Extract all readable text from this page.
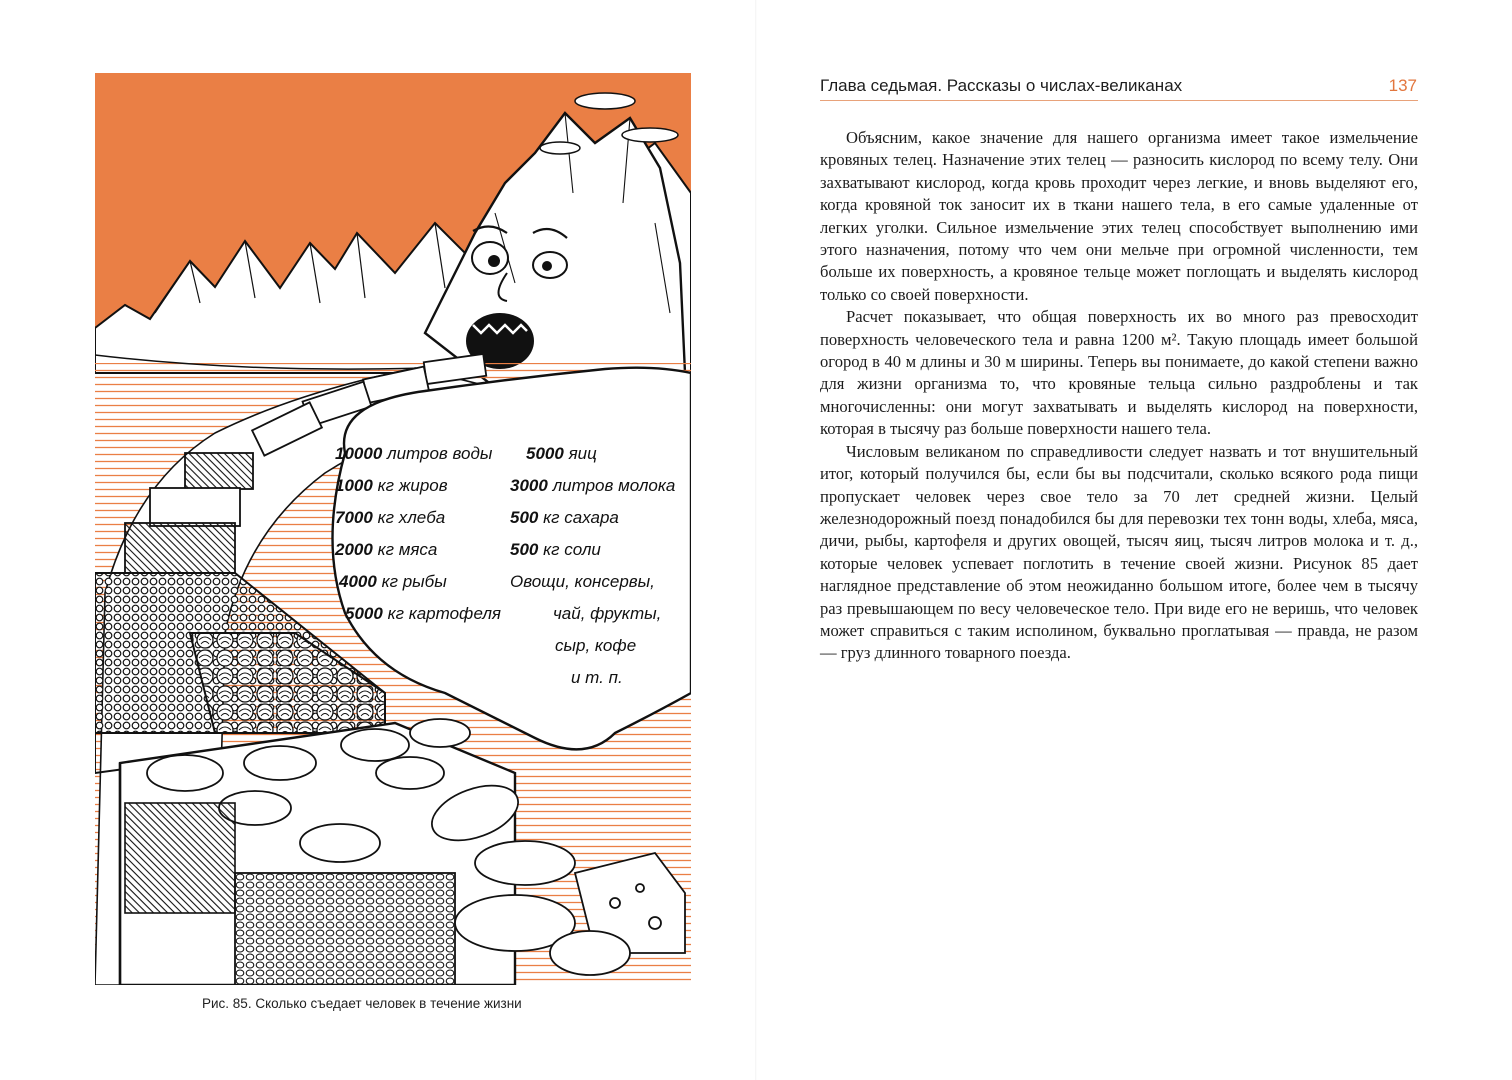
10000 литров воды 5000 яиц
1000 кг жиров	3000 литров молока
7000 кг хлеба	500 кг сахара
2000 кг мяса	500 кг соли
4000 кг рыбы	Овощи, консервы,
5000 кг картофеля	чай, фрукты,
сыр, кофе
и т. п.
Рис. 85. Сколько съедает человек в течение жизни
Глава седьмая. Рассказы о числах-великанах	137

Объясним, какое значение для нашего организма имеет такое измельчение кровяных телец. Назначение этих телец — разносить кислород по всему телу. Они захватывают кислород, когда кровь проходит через легкие, и вновь выделяют его, когда кровяной ток заносит их в ткани нашего тела, в его самые удаленные от легких уголки. Сильное измельчение этих телец способствует выполнению ими этого назначения, потому что чем они мельче при огромной численности, тем больше их поверхность, а кровяное тельце может поглощать и выделять кислород только со своей поверхности.

Расчет показывает, что общая поверхность их во много раз превосходит поверхность человеческого тела и равна 1200 м². Такую площадь имеет большой огород в 40 м длины и 30 м ширины. Теперь вы понимаете, до какой степени важно для жизни организма то, что кровяные тельца сильно раздроблены и так многочисленны: они могут захватывать и выделять кислород на поверхности, которая в тысячу раз больше поверхности нашего тела.

Числовым великаном по справедливости следует назвать и тот внушительный итог, который получился бы, если бы вы подсчитали, сколько всякого рода пищи пропускает человек через свое тело за 70 лет средней жизни. Целый железнодорожный поезд понадобился бы для перевозки тех тонн воды, хлеба, мяса, дичи, рыбы, картофеля и других овощей, тысяч яиц, тысяч литров молока и т. д., которые человек успевает поглотить в течение своей жизни. Рисунок 85 дает наглядное представление об этом неожиданно большом итоге, более чем в тысячу раз превышающем по весу человеческое тело. При виде его не веришь, что человек может справиться с таким исполином, буквально проглатывая — правда, не разом — груз длинного товарного поезда.
